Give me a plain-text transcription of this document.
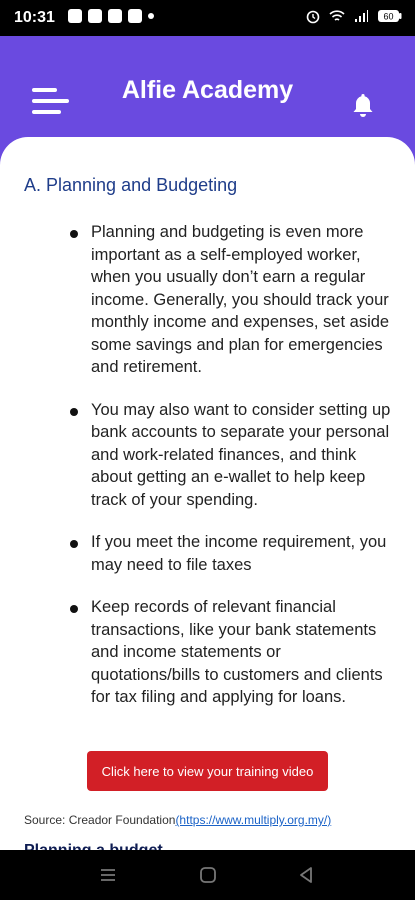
10:31	60
Alfie Academy
A. Planning and Budgeting
Planning and budgeting is even more important as a self-employed worker, when you usually don’t earn a regular income. Generally, you should track your monthly income and expenses, set aside some savings and plan for emergencies and retirement.
You may also want to consider setting up bank accounts to separate your personal and work-related finances, and think about getting an e-wallet to help keep track of your spending.
If you meet the income requirement, you may need to file taxes
Keep records of relevant financial transactions, like your bank statements and income statements or quotations/bills to customers and clients for tax filing and applying for loans.
Click here to view your training video
Source: Creador Foundation(https://www.multiply.org.my/)
